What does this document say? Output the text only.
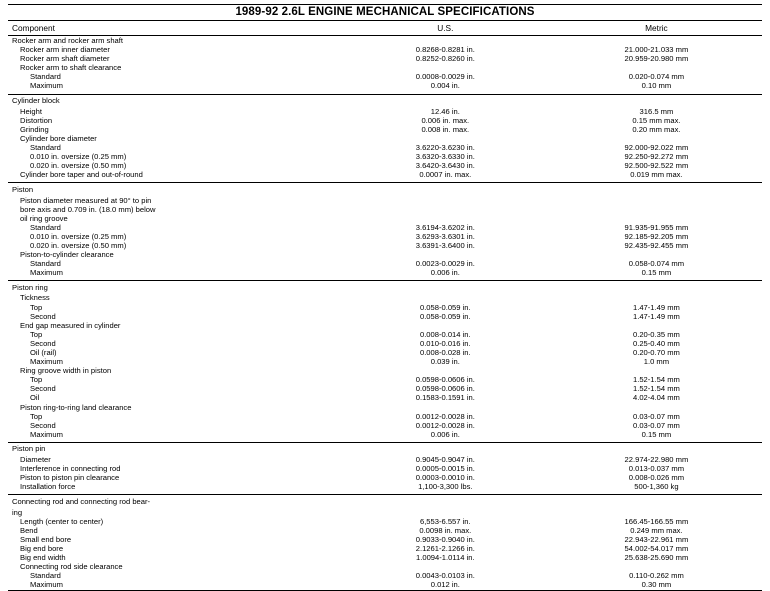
1989-92 2.6L ENGINE MECHANICAL SPECIFICATIONS
Component	U.S.	Metric
Rocker arm and rocker arm shaft		
Rocker arm inner diameter	0.8268-0.8281 in.	21.000-21.033 mm
Rocker arm shaft diameter	0.8252-0.8260 in.	20.959-20.980 mm
Rocker arm to shaft clearance		
Standard	0.0008-0.0029 in.	0.020-0.074 mm
Maximum	0.004 in.	0.10 mm

Cylinder block		
Height	12.46 in.	316.5 mm
Distortion	0.006 in. max.	0.15 mm max.
Grinding	0.008 in. max.	0.20 mm max.
Cylinder bore diameter		
Standard	3.6220-3.6230 in.	92.000-92.022 mm
0.010 in. oversize (0.25 mm)	3.6320-3.6330 in.	92.250-92.272 mm
0.020 in. oversize (0.50 mm)	3.6420-3.6430 in.	92.500-92.522 mm
Cylinder bore taper and out-of-round	0.0007 in. max.	0.019 mm max.

Piston		
Piston diameter measured at 90° to pin		
bore axis and 0.709 in. (18.0 mm) below		
oil ring groove		
Standard	3.6194-3.6202 in.	91.935-91.955 mm
0.010 in. oversize (0.25 mm)	3.6293-3.6301 in.	92.185-92.205 mm
0.020 in. oversize (0.50 mm)	3.6391-3.6400 in.	92.435-92.455 mm
Piston-to-cylinder clearance		
Standard	0.0023-0.0029 in.	0.058-0.074 mm
Maximum	0.006 in.	0.15 mm

Piston ring		
Tickness		
Top	0.058-0.059 in.	1.47-1.49 mm
Second	0.058-0.059 in.	1.47-1.49 mm
End gap measured in cylinder		
Top	0.008-0.014 in.	0.20-0.35 mm
Second	0.010-0.016 in.	0.25-0.40 mm
Oil (rail)	0.008-0.028 in.	0.20-0.70 mm
Maximum	0.039 in.	1.0 mm
Ring groove width in piston		
Top	0.0598-0.0606 in.	1.52-1.54 mm
Second	0.0598-0.0606 in.	1.52-1.54 mm
Oil	0.1583-0.1591 in.	4.02-4.04 mm
Piston ring-to-ring land clearance		
Top	0.0012-0.0028 in.	0.03-0.07 mm
Second	0.0012-0.0028 in.	0.03-0.07 mm
Maximum	0.006 in.	0.15 mm

Piston pin		
Diameter	0.9045-0.9047 in.	22.974-22.980 mm
Interference in connecting rod	0.0005-0.0015 in.	0.013-0.037 mm
Piston to piston pin clearance	0.0003-0.0010 in.	0.008-0.026 mm
Installation force	1,100-3,300 lbs.	500-1,360 kg

Connecting rod and connecting rod bear-		
ing		
Length (center to center)	6,553-6.557 in.	166.45-166.55 mm
Bend	0.0098 in. max.	0.249 mm max.
Small end bore	0.9033-0.9040 in.	22.943-22.961 mm
Big end bore	2.1261-2.1266 in.	54.002-54.017 mm
Big end width	1.0094-1.0114 in.	25.638-25.690 mm
Connecting rod side clearance		
Standard	0.0043-0.0103 in.	0.110-0.262 mm
Maximum	0.012 in.	0.30 mm
